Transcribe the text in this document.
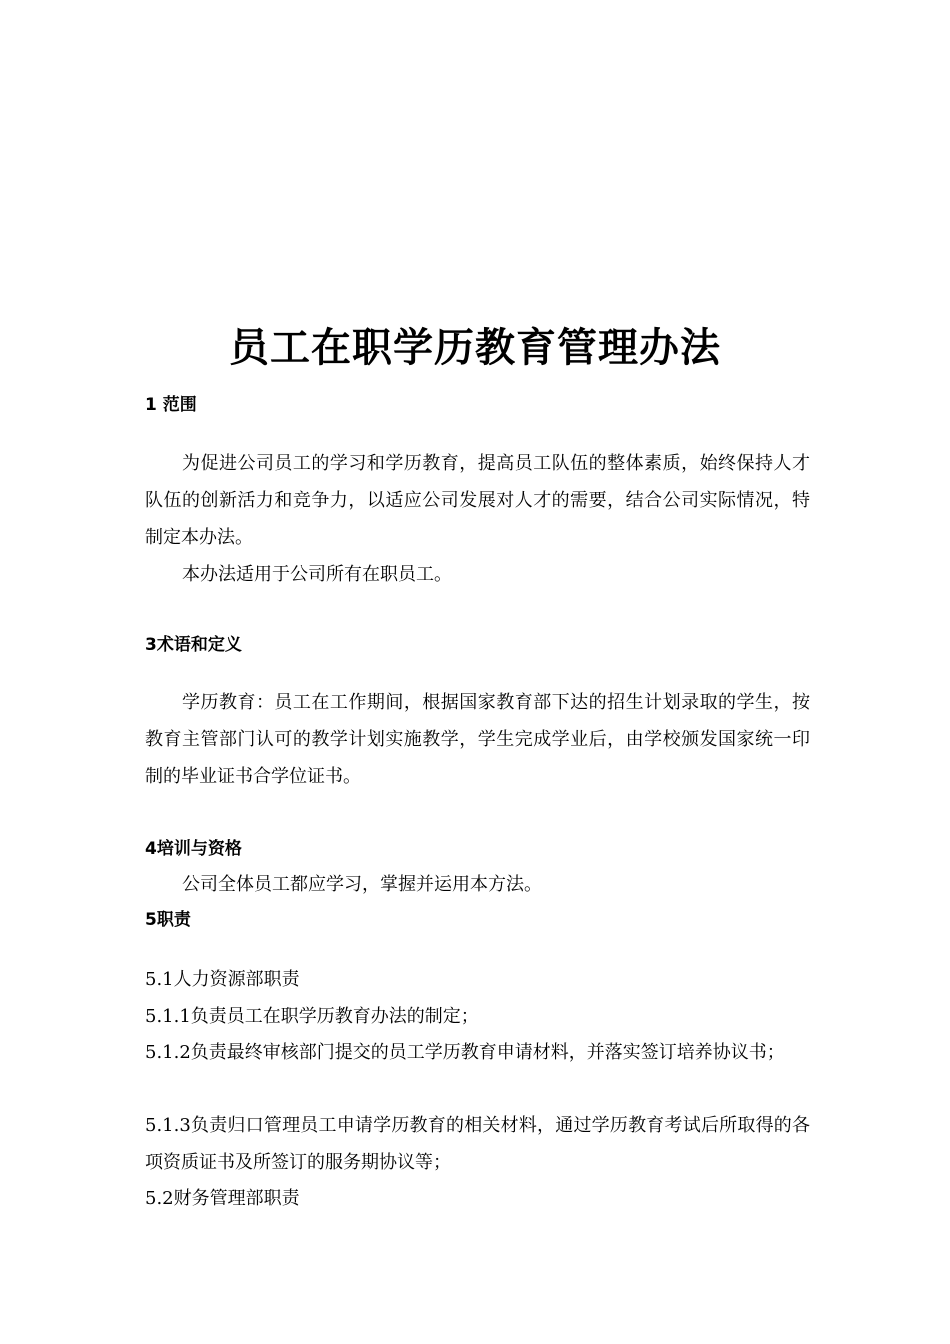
员工在职学历教育管理办法
1 范围

为促进公司员工的学习和学历教育，提高员工队伍的整体素质，始终保持人才队伍的创新活力和竞争力，以适应公司发展对人才的需要，结合公司实际情况，特制定本办法。

本办法适用于公司所有在职员工。

3术语和定义

学历教育：员工在工作期间，根据国家教育部下达的招生计划录取的学生，按教育主管部门认可的教学计划实施教学，学生完成学业后，由学校颁发国家统一印制的毕业证书合学位证书。

4培训与资格

公司全体员工都应学习，掌握并运用本方法。

5职责

5.1人力资源部职责

5.1.1负责员工在职学历教育办法的制定；

5.1.2负责最终审核部门提交的员工学历教育申请材料，并落实签订培养协议书；

5.1.3负责归口管理员工申请学历教育的相关材料，通过学历教育考试后所取得的各项资质证书及所签订的服务期协议等；

5.2财务管理部职责
